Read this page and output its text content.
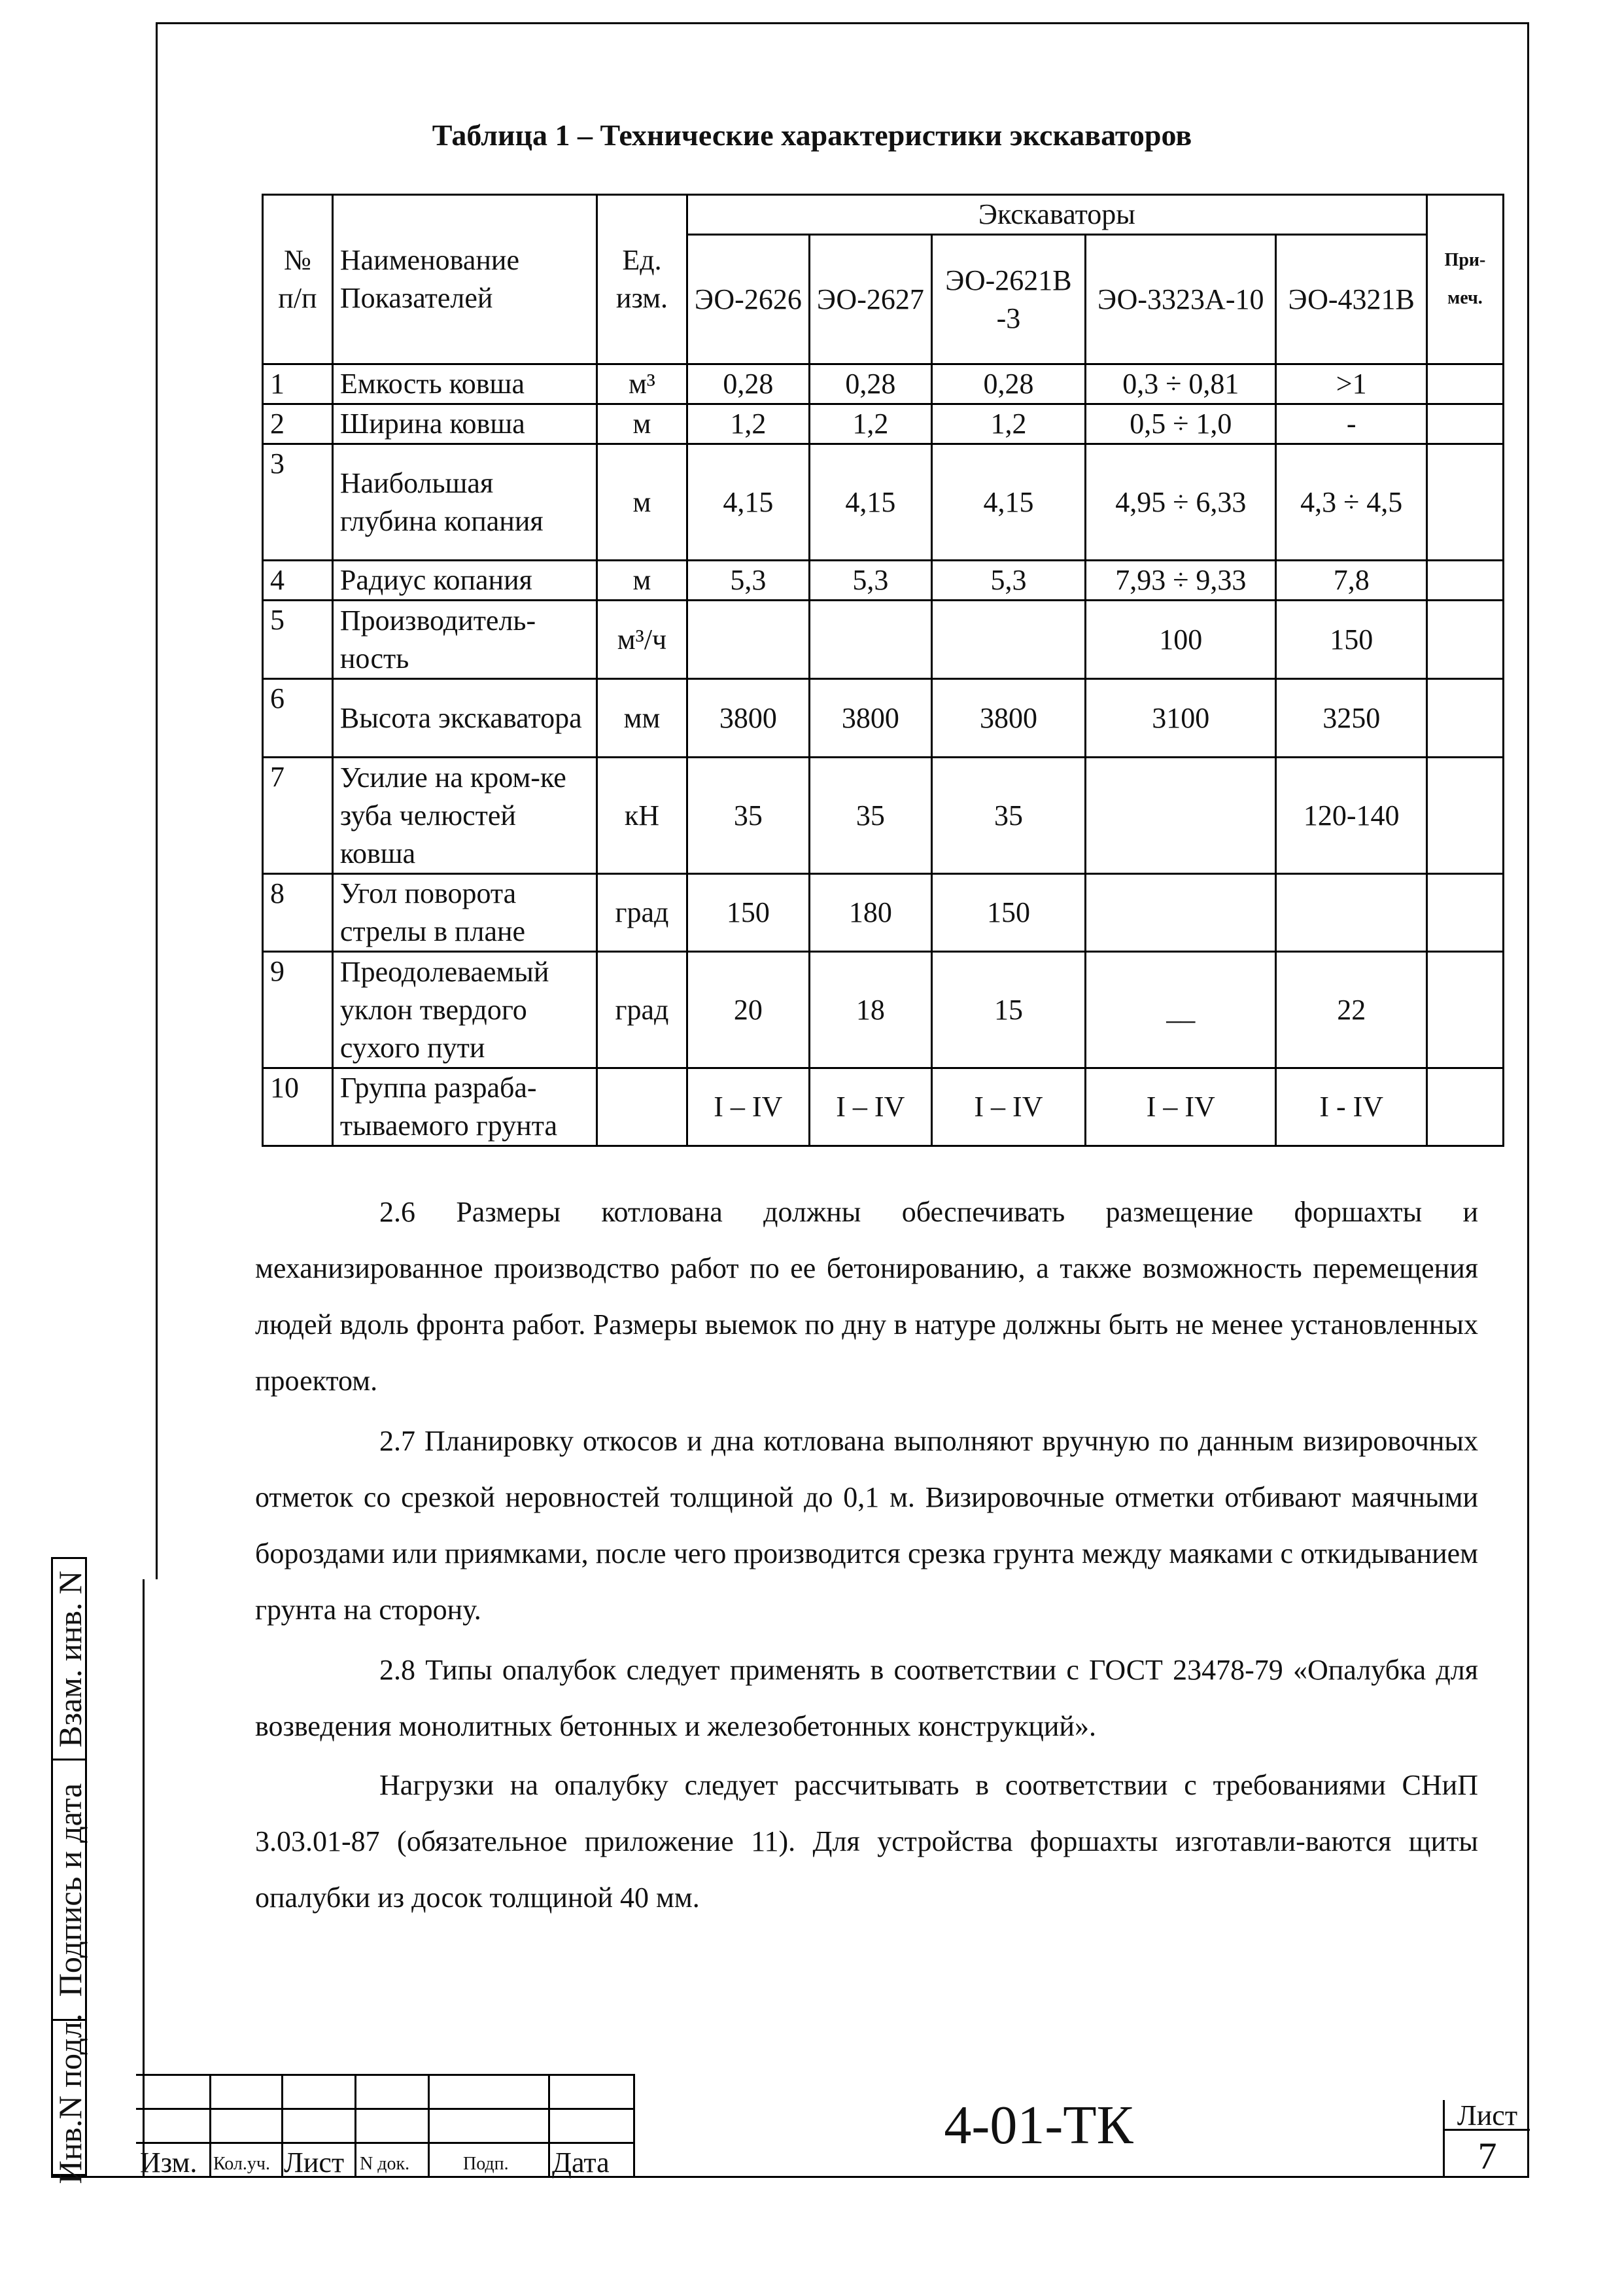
Взам. инв. N
Подпись и дата
Инв.N подл.
Таблица 1 – Технические характеристики экскаваторов
№ п/п	Наименование Показателей	Ед. изм.	Экскаваторы					При-меч.
			ЭО-2626	ЭО-2627	ЭО-2621В -3	ЭО-3323А-10	ЭО-4321В	
1	Емкость ковша	м³	0,28	0,28	0,28	0,3 ÷ 0,81	>1	
2	Ширина ковша	м	1,2	1,2	1,2	0,5 ÷ 1,0	-	
3	Наибольшая глубина копания	м	4,15	4,15	4,15	4,95 ÷ 6,33	4,3 ÷ 4,5	
4	Радиус копания	м	5,3	5,3	5,3	7,93 ÷ 9,33	7,8	
5	Производитель-ность	м³/ч				100	150	
6	Высота экскаватора	мм	3800	3800	3800	3100	3250	
7	Усилие на кром-ке зуба челюстей ковша	кН	35	35	35		120-140	
8	Угол поворота стрелы в плане	град	150	180	150			
9	Преодолеваемый уклон твердого сухого пути	град	20	18	15	__	22	
10	Группа разраба-тываемого грунта		I – IV	I – IV	I – IV	I – IV	I - IV	
2.6 Размеры котлована должны обеспечивать размещение форшахты и механизированное производство работ по ее бетонированию, а также возможность перемещения людей вдоль фронта работ. Размеры выемок по дну в натуре должны быть не менее установленных проектом.
2.7 Планировку откосов и дна котлована выполняют вручную по данным визировочных отметок со срезкой неровностей толщиной до 0,1 м. Визировочные отметки отбивают маячными бороздами или приямками, после чего производится срезка грунта между маяками с откидыванием грунта на сторону.
2.8 Типы опалубок следует применять в соответствии с ГОСТ 23478-79 «Опалубка для возведения монолитных бетонных и железобетонных конструкций».
Нагрузки на опалубку следует рассчитывать в соответствии с требованиями СНиП 3.03.01-87 (обязательное приложение 11). Для устройства форшахты изготавли-ваются щиты опалубки из досок толщиной 40 мм.
Изм. Кол.уч. Лист N док.	Подп. Дата
4-01-ТК	Лист
7
